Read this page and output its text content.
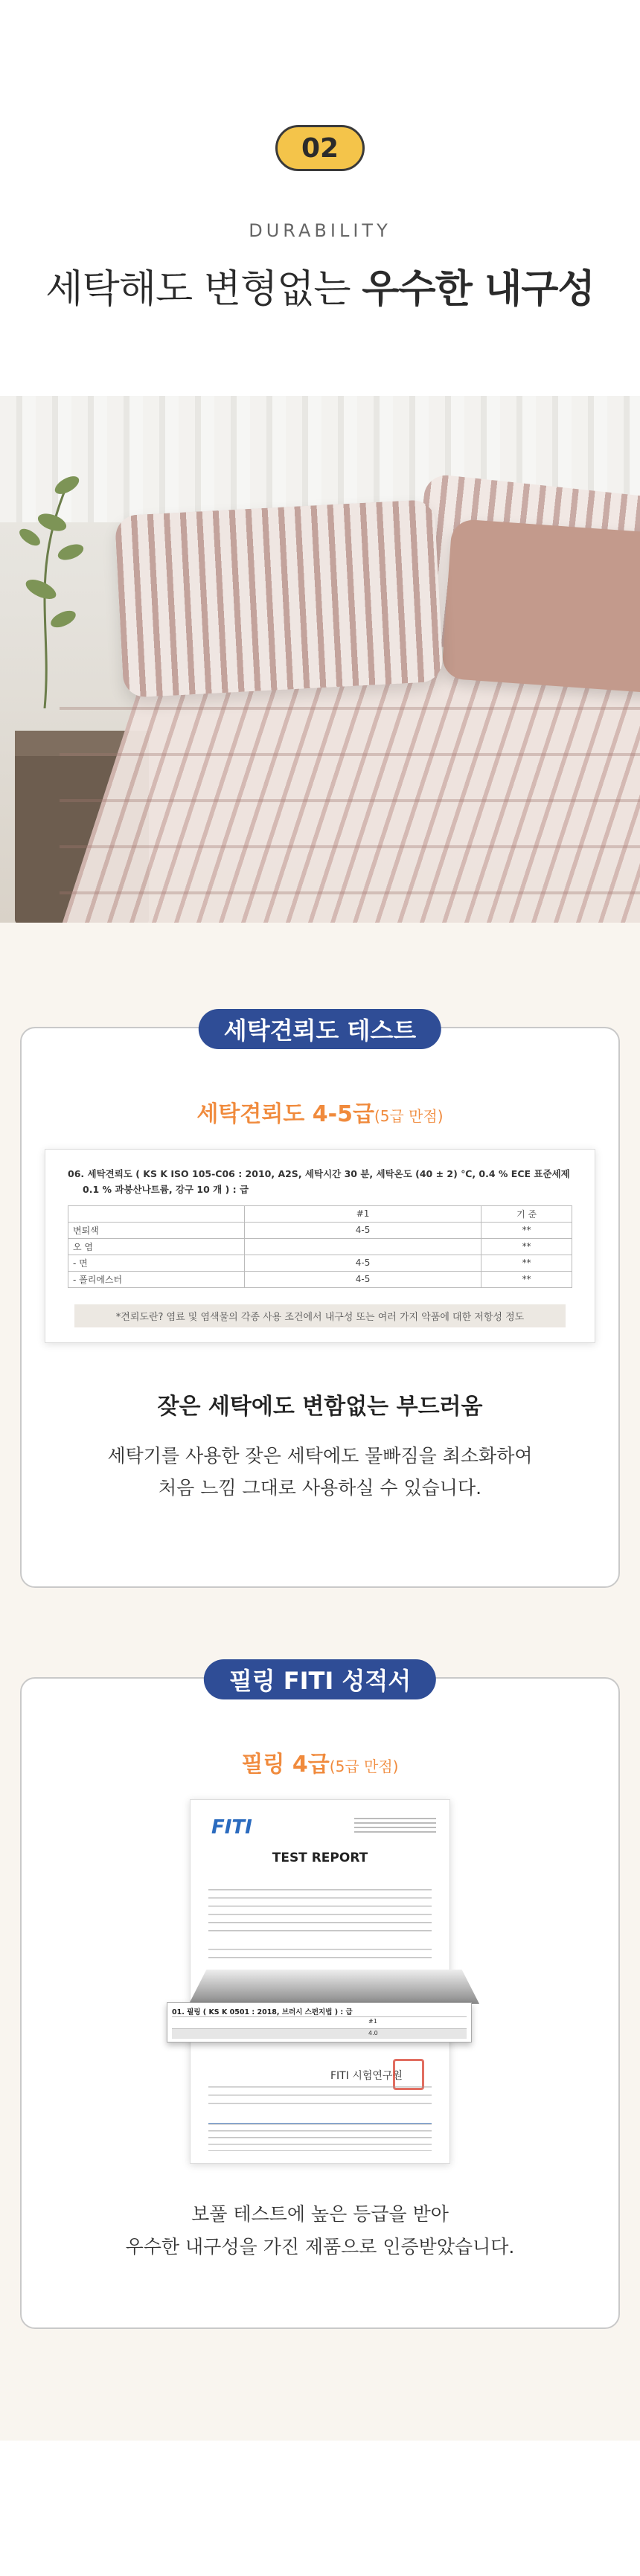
02
DURABILITY
세탁해도 변형없는 우수한 내구성
세탁견뢰도 테스트
세탁견뢰도 4-5급(5급 만점)
06. 세탁견뢰도 ( KS K ISO 105-C06 : 2010, A2S, 세탁시간 30 분, 세탁온도 (40 ± 2) ℃, 0.4 % ECE 표준세제
0.1 % 과붕산나트륨, 강구 10 개 ) : 급
	#1	기 준
변퇴색	4-5	**
오 염		**
- 면	4-5	**
- 폴리에스터	4-5	**
*견뢰도란? 염료 및 염색물의 각종 사용 조건에서 내구성 또는 여러 가지 악품에 대한 저항성 정도
잦은 세탁에도 변함없는 부드러움
세탁기를 사용한 잦은 세탁에도 물빠짐을 최소화하여
처음 느낌 그대로 사용하실 수 있습니다.
필링 FITI 성적서
필링 4급(5급 만점)
FITI
TEST REPORT
01. 필링 ( KS K 0501 : 2018, 브러시 스펀지법 ) : 급
#1
4.0
FITI 시험연구원
보풀 테스트에 높은 등급을 받아
우수한 내구성을 가진 제품으로 인증받았습니다.
